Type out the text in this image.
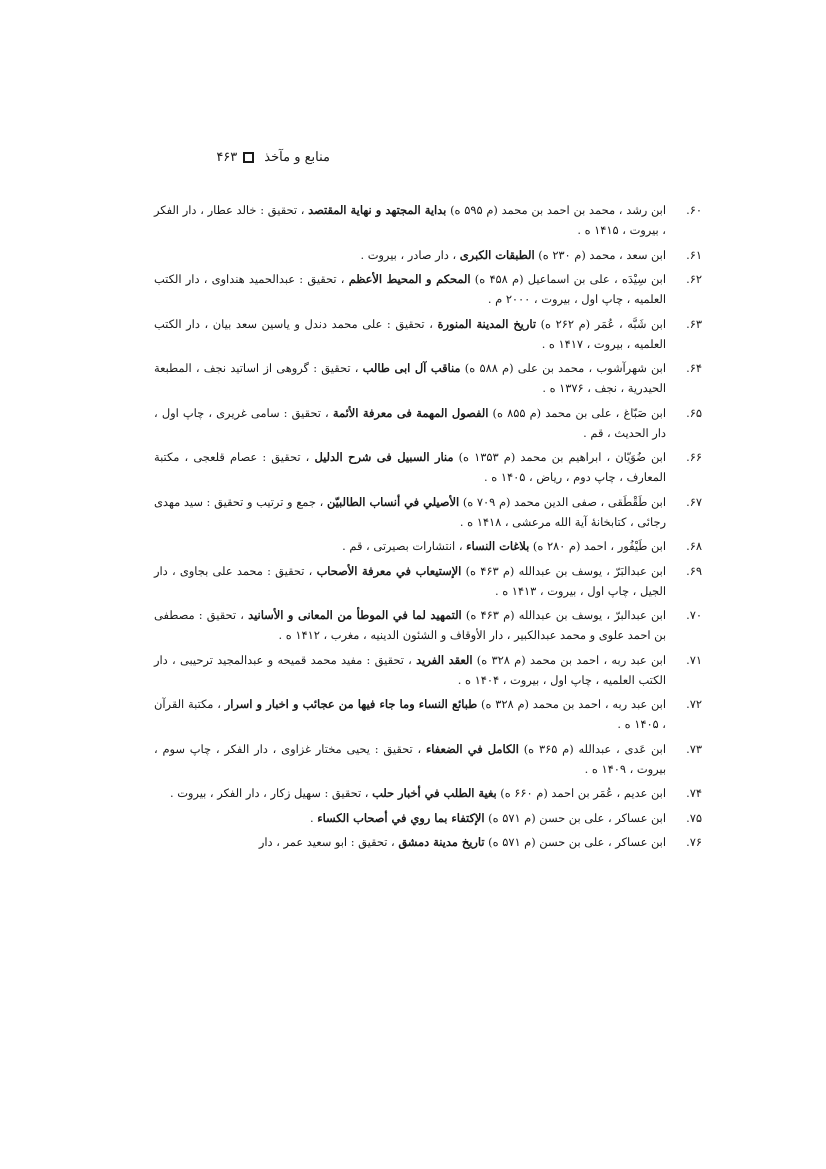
منابع و مآخذ
۴۶۳
۶۰.
ابن رشد ، محمد بن احمد بن محمد (م ۵۹۵ ه) بداية المجتهد و نهاية المقتصد ، تحقيق : خالد عطار ، دار الفكر ، بيروت ، ۱۴۱۵ ه .
۶۱.
ابن سعد ، محمد (م ۲۳۰ ه) الطبقات الكبرى ، دار صادر ، بيروت .
۶۲.
ابن سِيْدَه ، على بن اسماعيل (م ۴۵۸ ه) المحكم و المحيط الأعظم ، تحقيق : عبدالحميد هنداوى ، دار الكتب العلميه ، چاپ اول ، بيروت ، ۲۰۰۰ م .
۶۳.
ابن شَبَّه ، عُمَر (م ۲۶۲ ه) تاريخ المدينة المنورة ، تحقيق : على محمد دندل و ياسين سعد بيان ، دار الكتب العلميه ، بيروت ، ۱۴۱۷ ه .
۶۴.
ابن شهرآشوب ، محمد بن على (م ۵۸۸ ه) مناقب آل ابى طالب ، تحقيق : گروهى از اساتيد نجف ، المطبعة الحيدرية ، نجف ، ۱۳۷۶ ه .
۶۵.
ابن صَبّاغ ، على بن محمد (م ۸۵۵ ه) الفصول المهمة فى معرفة الأئمة ، تحقيق : سامى غريرى ، چاپ اول ، دار الحديث ، قم .
۶۶.
ابن ضُوَيّان ، ابراهيم بن محمد (م ۱۳۵۳ ه) منار السبيل فى شرح الدليل ، تحقيق : عصام قلعجى ، مكتبة المعارف ، چاپ دوم ، رياض ، ۱۴۰۵ ه .
۶۷.
ابن طَقْطَقى ، صفى الدين محمد (م ۷۰۹ ه) الأصيلي في أنساب الطالبيّن ، جمع و ترتيب و تحقيق : سيد مهدى رجائى ، كتابخانهٔ آية الله مرعشى ، ۱۴۱۸ ه .
۶۸.
ابن طَيْفُور ، احمد (م ۲۸۰ ه) بلاغات النساء ، انتشارات بصيرتى ، قم .
۶۹.
ابن عبدالبَرّ ، يوسف بن عبدالله (م ۴۶۳ ه) الإستيعاب في معرفة الأصحاب ، تحقيق : محمد على بجاوى ، دار الجيل ، چاپ اول ، بيروت ، ۱۴۱۳ ه .
۷۰.
ابن عبدالبرّ ، يوسف بن عبدالله (م ۴۶۳ ه) التمهيد لما في الموطأ من المعانى و الأسانيد ، تحقيق : مصطفى بن احمد علوى و محمد عبدالكبير ، دار الأوقاف و الشئون الدينيه ، مغرب ، ۱۴۱۲ ه .
۷۱.
ابن عبد ربه ، احمد بن محمد (م ۳۲۸ ه) العقد الفريد ، تحقيق : مفيد محمد قميحه و عبدالمجيد ترحيبى ، دار الكتب العلميه ، چاپ اول ، بيروت ، ۱۴۰۴ ه .
۷۲.
ابن عبد ربه ، احمد بن محمد (م ۳۲۸ ه) طبائع النساء وما جاء فيها من عجائب و اخبار و اسرار ، مكتبة القرآن ، ۱۴۰۵ ه .
۷۳.
ابن عَدى ، عبدالله (م ۳۶۵ ه) الكامل في الضعفاء ، تحقيق : يحيى مختار غزاوى ، دار الفكر ، چاپ سوم ، بيروت ، ۱۴۰۹ ه .
۷۴.
ابن عديم ، عُمَر بن احمد (م ۶۶۰ ه) بغية الطلب في أخبار حلب ، تحقيق : سهيل زكار ، دار الفكر ، بيروت .
۷۵.
ابن عساكر ، على بن حسن (م ۵۷۱ ه) الإكتفاء بما روي في أصحاب الكساء .
۷۶.
ابن عساكر ، على بن حسن (م ۵۷۱ ه) تاريخ مدينة دمشق ، تحقيق : ابو سعيد عمر ، دار
